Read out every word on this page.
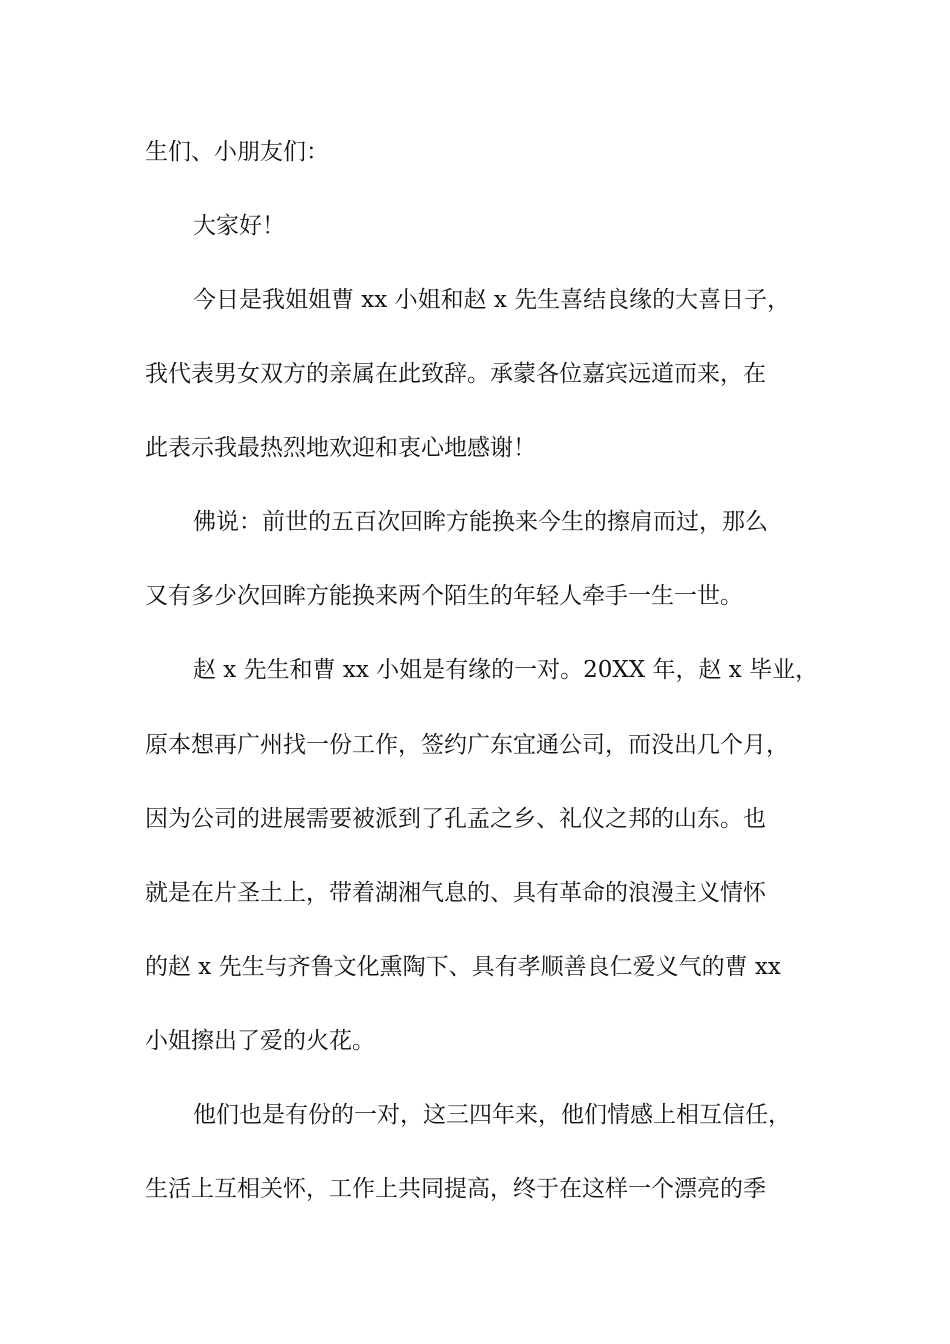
生们、小朋友们：
大家好！
今日是我姐姐曹 xx 小姐和赵 x 先生喜结良缘的大喜日子，
我代表男女双方的亲属在此致辞。承蒙各位嘉宾远道而来，在
此表示我最热烈地欢迎和衷心地感谢！
佛说：前世的五百次回眸方能换来今生的擦肩而过，那么
又有多少次回眸方能换来两个陌生的年轻人牵手一生一世。
赵 x 先生和曹 xx 小姐是有缘的一对。20XX 年，赵 x 毕业，
原本想再广州找一份工作，签约广东宜通公司，而没出几个月，
因为公司的进展需要被派到了孔孟之乡、礼仪之邦的山东。也
就是在片圣土上，带着湖湘气息的、具有革命的浪漫主义情怀
的赵 x 先生与齐鲁文化熏陶下、具有孝顺善良仁爱义气的曹 xx
小姐擦出了爱的火花。
他们也是有份的一对，这三四年来，他们情感上相互信任，
生活上互相关怀，工作上共同提高，终于在这样一个漂亮的季
